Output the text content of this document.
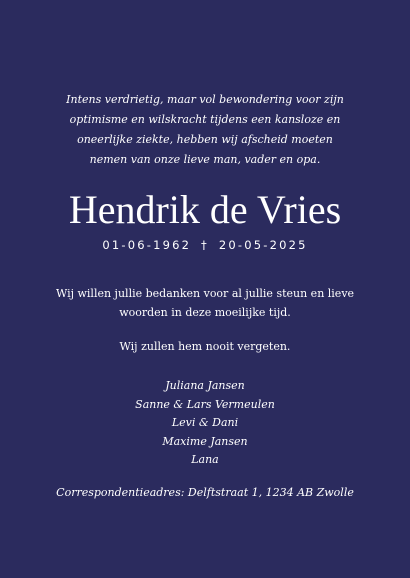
Intens verdrietig, maar vol bewondering voor zijn
optimisme en wilskracht tijdens een kansloze en
oneerlijke ziekte, hebben wij afscheid moeten
nemen van onze lieve man, vader en opa.

Hendrik de Vries
01-06-1962 † 20-05-2025

Wij willen jullie bedanken voor al jullie steun en lieve
woorden in deze moeilijke tijd.

Wij zullen hem nooit vergeten.

Juliana Jansen
Sanne & Lars Vermeulen
Levi & Dani
Maxime Jansen
Lana

Correspondentieadres: Delftstraat 1, 1234 AB Zwolle
